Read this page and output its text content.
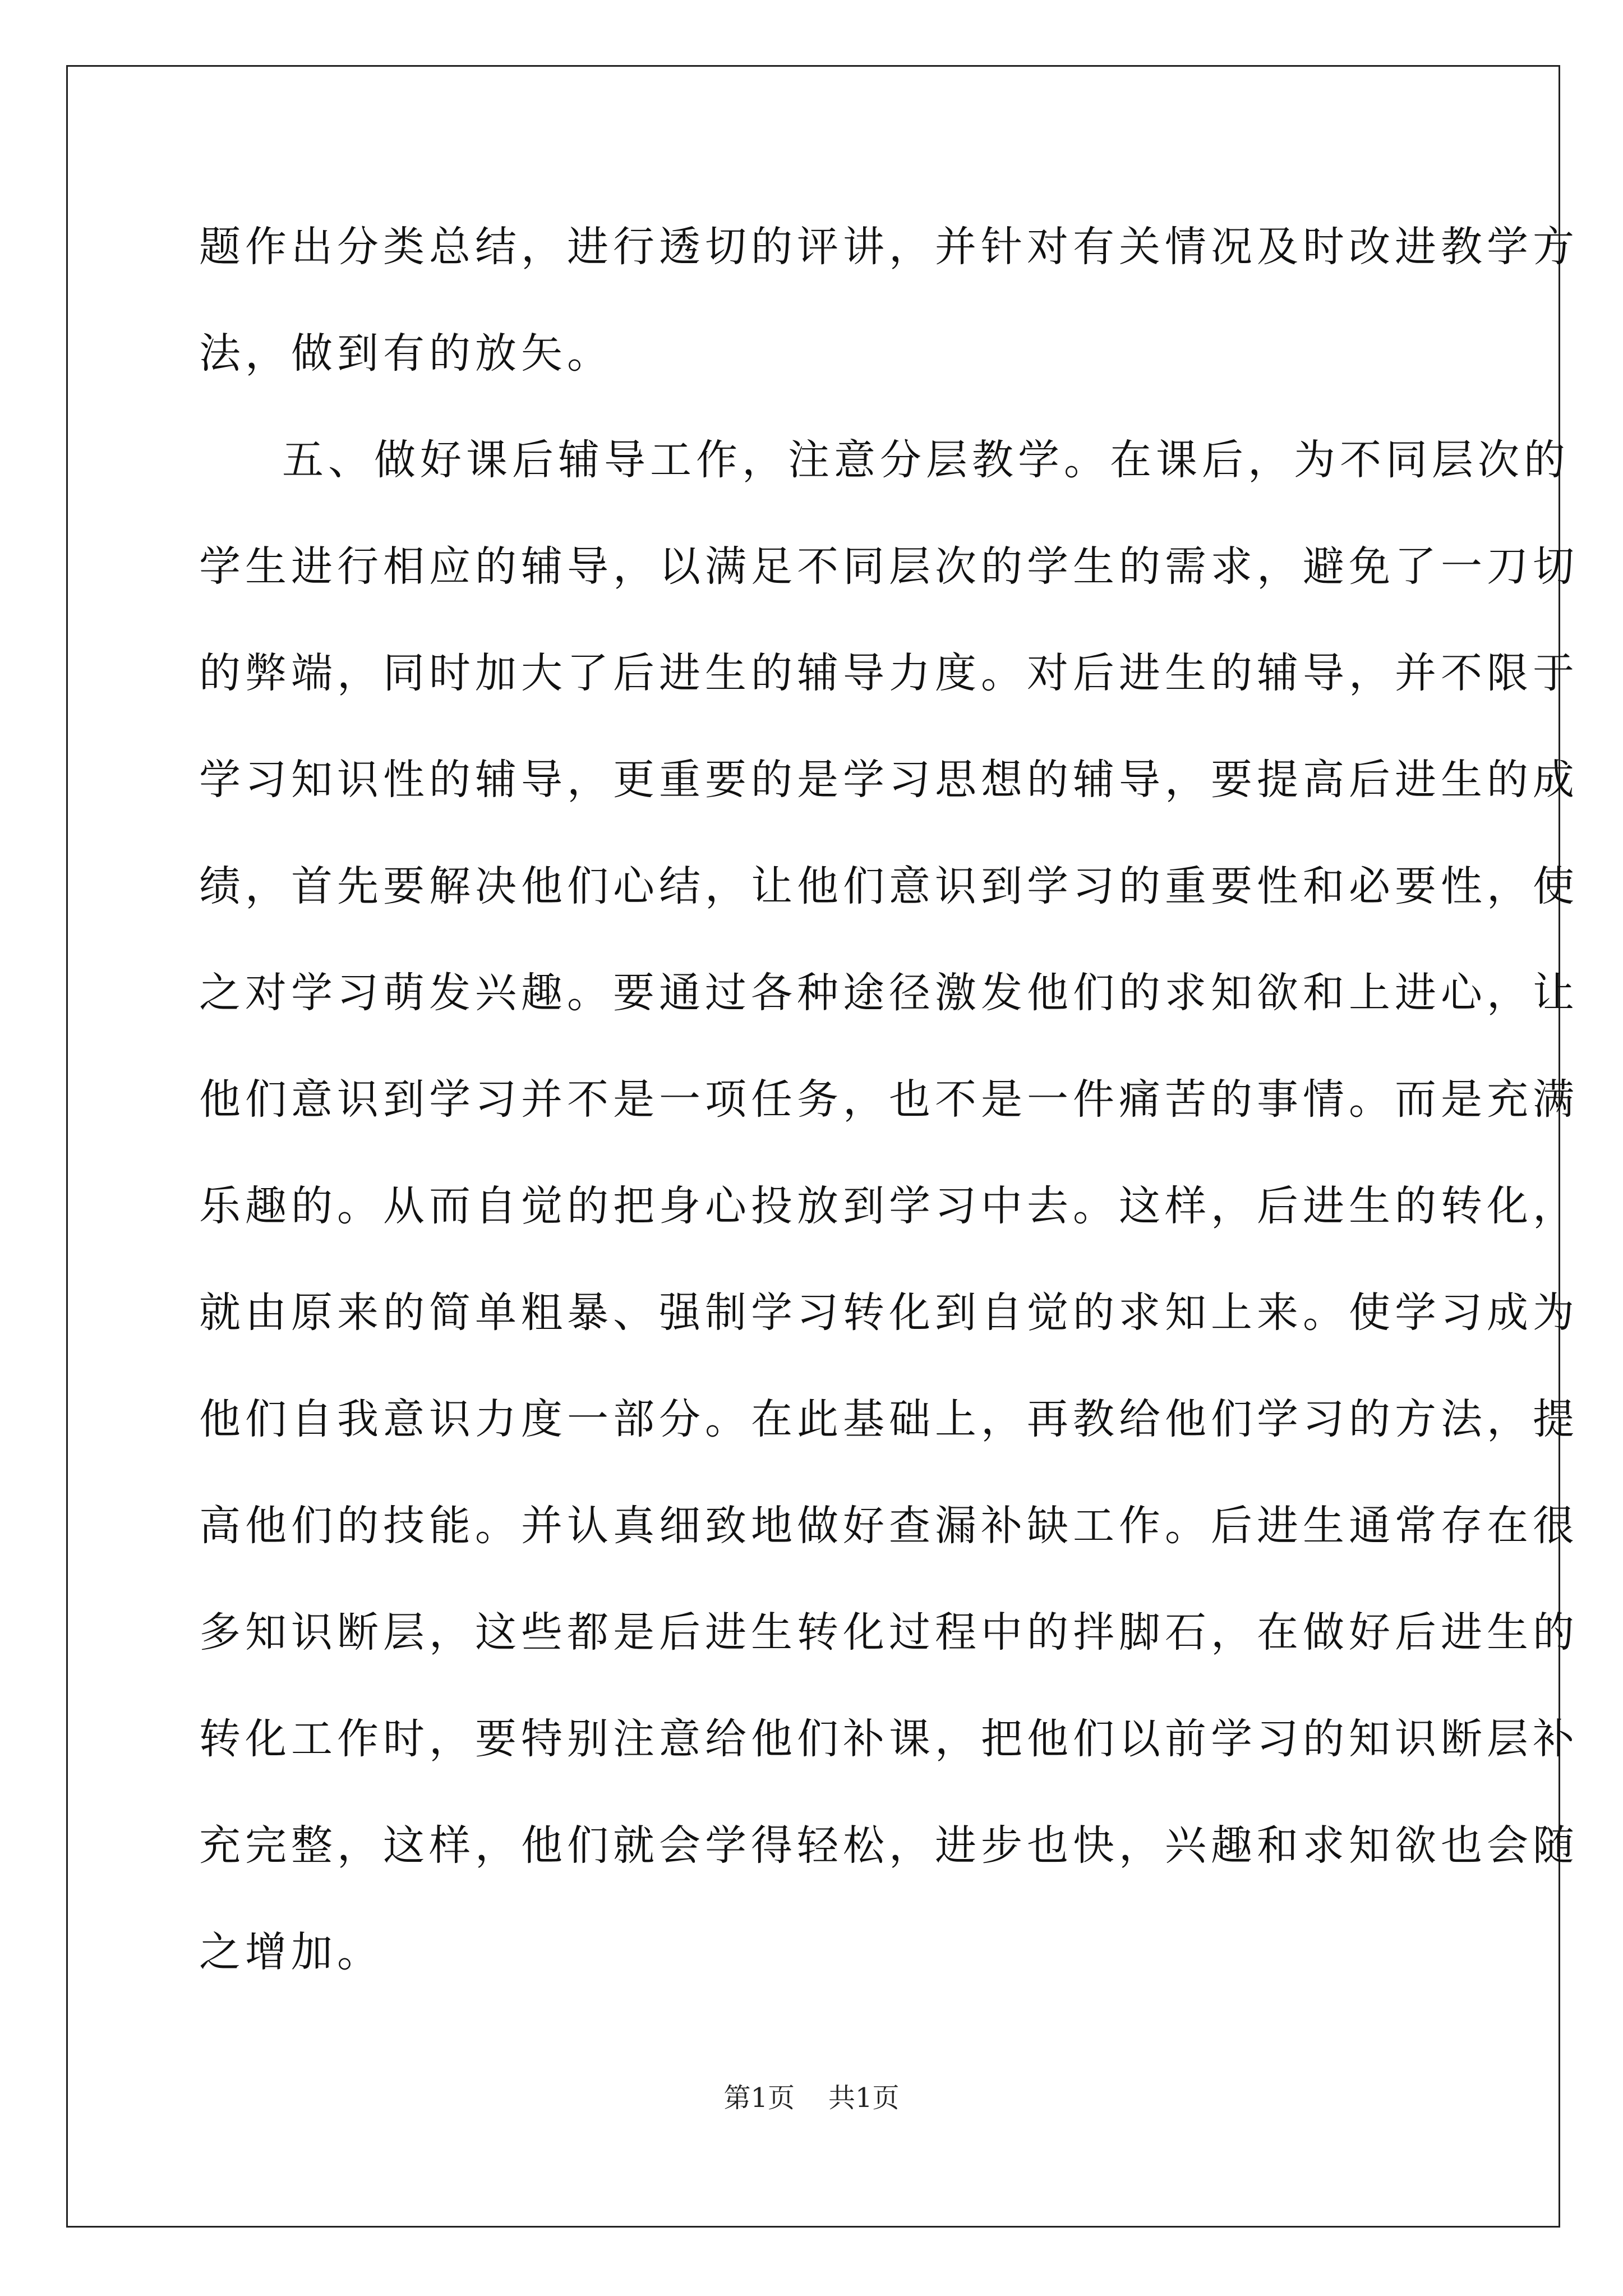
题作出分类总结，进行透切的评讲，并针对有关情况及时改进教学方
法，做到有的放矢。
五、做好课后辅导工作，注意分层教学。在课后，为不同层次的
学生进行相应的辅导，以满足不同层次的学生的需求，避免了一刀切
的弊端，同时加大了后进生的辅导力度。对后进生的辅导，并不限于
学习知识性的辅导，更重要的是学习思想的辅导，要提高后进生的成
绩，首先要解决他们心结，让他们意识到学习的重要性和必要性，使
之对学习萌发兴趣。要通过各种途径激发他们的求知欲和上进心，让
他们意识到学习并不是一项任务，也不是一件痛苦的事情。而是充满
乐趣的。从而自觉的把身心投放到学习中去。这样，后进生的转化，
就由原来的简单粗暴、强制学习转化到自觉的求知上来。使学习成为
他们自我意识力度一部分。在此基础上，再教给他们学习的方法，提
高他们的技能。并认真细致地做好查漏补缺工作。后进生通常存在很
多知识断层，这些都是后进生转化过程中的拌脚石，在做好后进生的
转化工作时，要特别注意给他们补课，把他们以前学习的知识断层补
充完整，这样，他们就会学得轻松，进步也快，兴趣和求知欲也会随
之增加。
第1页 共1页
